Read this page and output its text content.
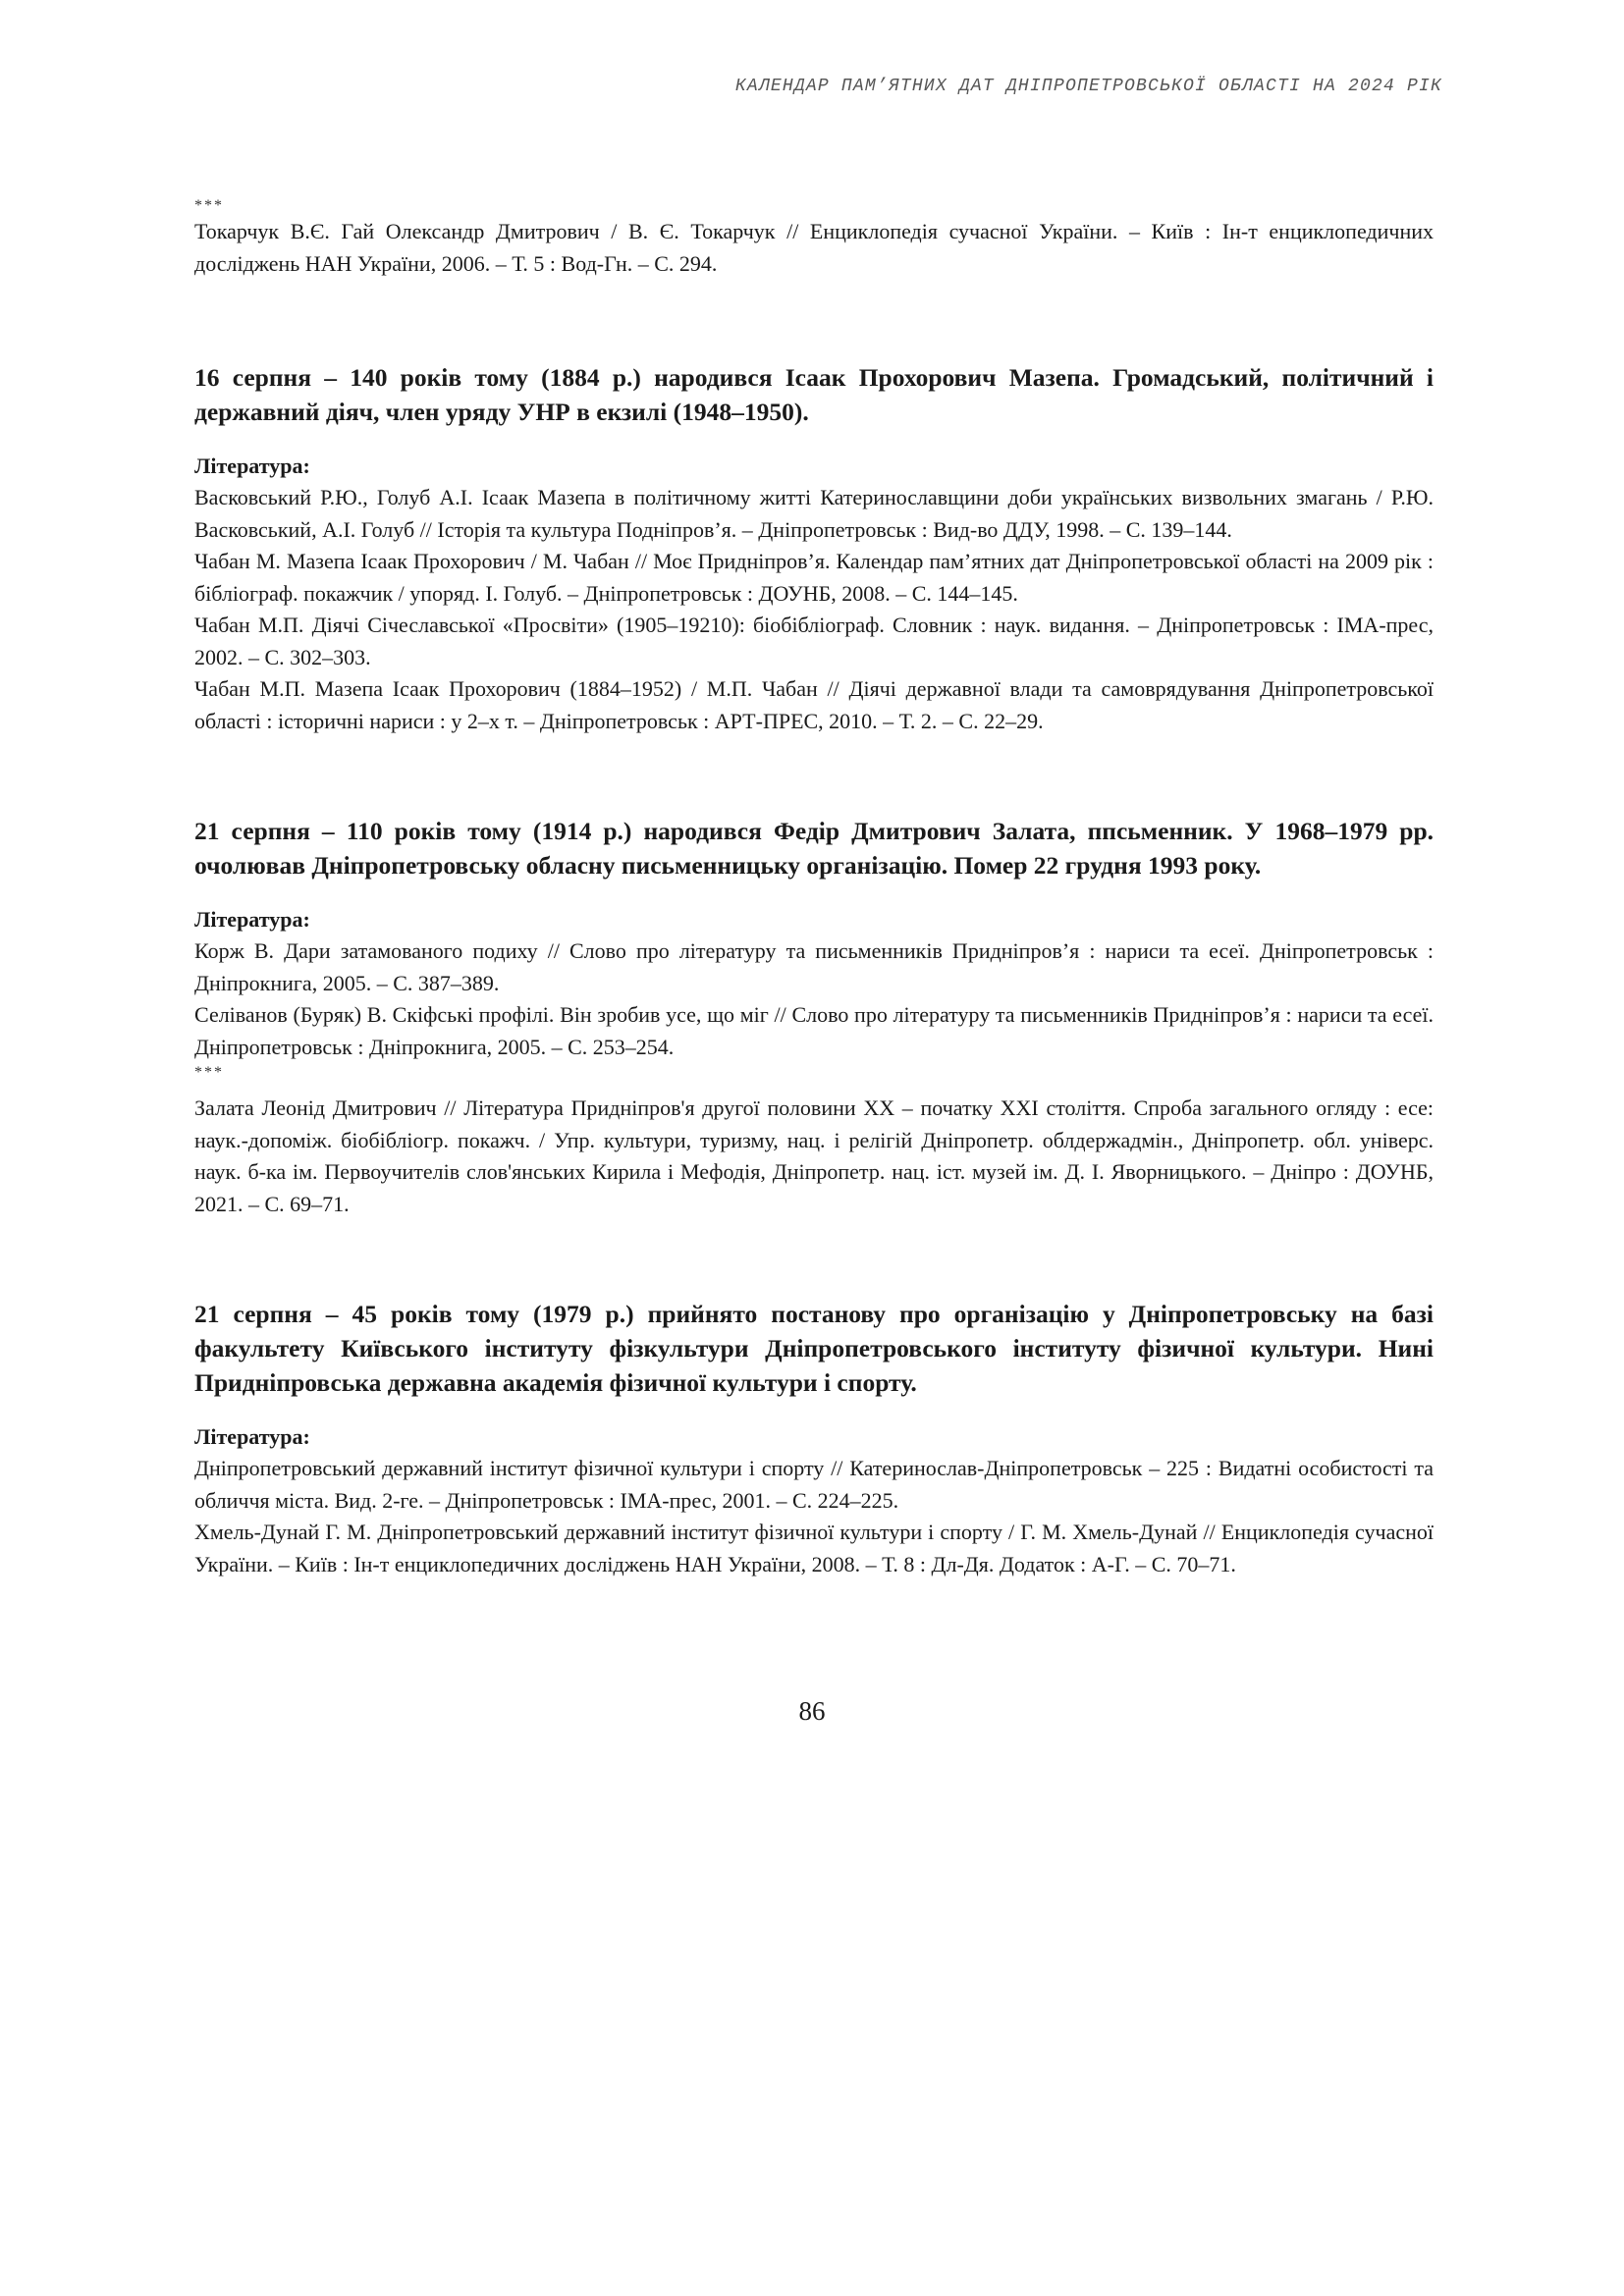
КАЛЕНДАР ПАМ’ЯТНИХ ДАТ ДНІПРОПЕТРОВСЬКОЇ ОБЛАСТІ НА 2024 РІК
***

Токарчук В.Є. Гай Олександр Дмитрович / В. Є. Токарчук // Енциклопедія сучасної України. – Київ : Ін-т енциклопедичних досліджень НАН України, 2006. – Т. 5 : Вод-Гн. – С. 294.

16 серпня – 140 років тому (1884 р.) народився Ісаак Прохорович Мазепа. Громадський, політичний і державний діяч, член уряду УНР в екзилі (1948–1950).

Література:

Васковський Р.Ю., Голуб А.І. Ісаак Мазепа в політичному житті Катеринославщини доби українських визвольних змагань / Р.Ю. Васковський, А.І. Голуб // Історія та культура Подніпров’я. – Дніпропетровськ : Вид-во ДДУ, 1998. – С. 139–144.

Чабан М. Мазепа Ісаак Прохорович / М. Чабан // Моє Придніпров’я. Календар пам’ятних дат Дніпропетровської області на 2009 рік : бібліограф. покажчик / упоряд. І. Голуб. – Дніпропетровськ : ДОУНБ, 2008. – С. 144–145.

Чабан М.П. Діячі Січеславської «Просвіти» (1905–19210): біобібліограф. Словник : наук. видання. – Дніпропетровськ : ІМА-прес, 2002. – С. 302–303.

Чабан М.П. Мазепа Ісаак Прохорович (1884–1952) / М.П. Чабан // Діячі державної влади та самоврядування Дніпропетровської області : історичні нариси : у 2–х т. – Дніпропетровськ : АРТ-ПРЕС, 2010. – Т. 2. – С. 22–29.

21 серпня – 110 років тому (1914 р.) народився Федір Дмитрович Залата, ппсьменник. У 1968–1979 рр. очолював Дніпропетровську обласну письменницьку організацію. Помер 22 грудня 1993 року.

Література:

Корж В. Дари затамованого подиху // Слово про літературу та письменників Придніпров’я : нариси та есеї. Дніпропетровськ : Дніпрокнига, 2005. – С. 387–389.

Селіванов (Буряк) В. Скіфські профілі. Він зробив усе, що міг // Слово про літературу та письменників Придніпров’я : нариси та есеї. Дніпропетровськ : Дніпрокнига, 2005. – С. 253–254.

***

Залата Леонід Дмитрович // Література Придніпров'я другої половини ХХ – початку ХХІ століття. Спроба загального огляду : есе: наук.-допоміж. біобібліогр. покажч. / Упр. культури, туризму, нац. і релігій Дніпропетр. облдержадмін., Дніпропетр. обл. універс. наук. б-ка ім. Первоучителів слов'янських Кирила і Мефодія, Дніпропетр. нац. іст. музей ім. Д. І. Яворницького. – Дніпро : ДОУНБ, 2021. – С. 69–71.

21 серпня – 45 років тому (1979 р.) прийнято постанову про організацію у Дніпропетровську на базі факультету Київського інституту фізкультури Дніпропетровського інституту фізичної культури. Нині Придніпровська державна академія фізичної культури і спорту.

Література:

Дніпропетровський державний інститут фізичної культури і спорту // Катеринослав-Дніпропетровськ – 225 : Видатні особистості та обличчя міста. Вид. 2-ге. – Дніпропетровськ : ІМА-прес, 2001. – С. 224–225.

Хмель-Дунай Г. М. Дніпропетровський державний інститут фізичної культури і спорту / Г. М. Хмель-Дунай // Енциклопедія сучасної України. – Київ : Ін-т енциклопедичних досліджень НАН України, 2008. – Т. 8 : Дл-Дя. Додаток : А-Г. – С. 70–71.

86
